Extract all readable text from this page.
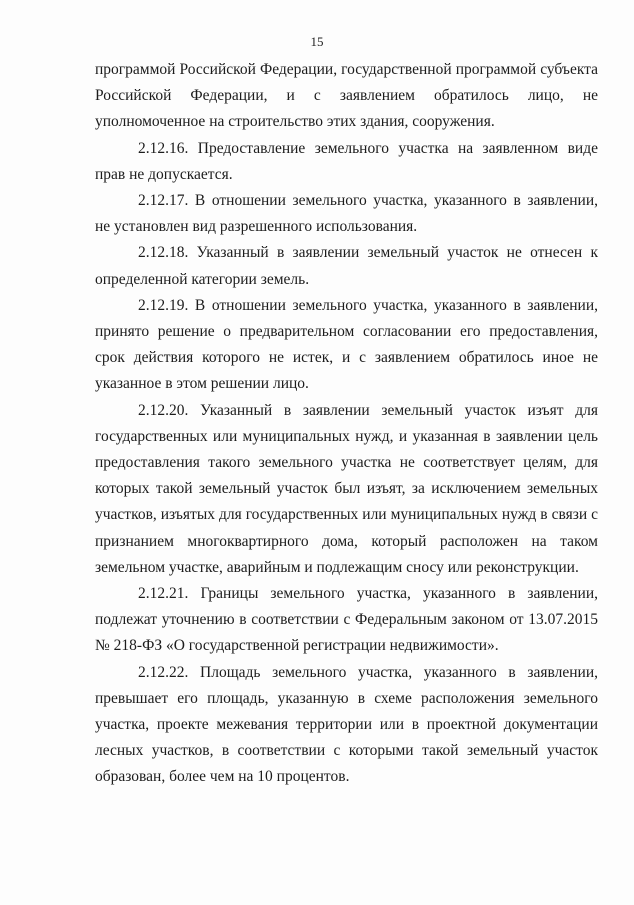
15

программой Российской Федерации, государственной программой субъекта Российской Федерации, и с заявлением обратилось лицо, не уполномоченное на строительство этих здания, сооружения.

2.12.16. Предоставление земельного участка на заявленном виде прав не допускается.

2.12.17. В отношении земельного участка, указанного в заявлении, не установлен вид разрешенного использования.

2.12.18. Указанный в заявлении земельный участок не отнесен к определенной категории земель.

2.12.19. В отношении земельного участка, указанного в заявлении, принято решение о предварительном согласовании его предоставления, срок действия которого не истек, и с заявлением обратилось иное не указанное в этом решении лицо.

2.12.20. Указанный в заявлении земельный участок изъят для государственных или муниципальных нужд, и указанная в заявлении цель предоставления такого земельного участка не соответствует целям, для которых такой земельный участок был изъят, за исключением земельных участков, изъятых для государственных или муниципальных нужд в связи с признанием многоквартирного дома, который расположен на таком земельном участке, аварийным и подлежащим сносу или реконструкции.

2.12.21. Границы земельного участка, указанного в заявлении, подлежат уточнению в соответствии с Федеральным законом от 13.07.2015 № 218-ФЗ «О государственной регистрации недвижимости».

2.12.22. Площадь земельного участка, указанного в заявлении, превышает его площадь, указанную в схеме расположения земельного участка, проекте межевания территории или в проектной документации лесных участков, в соответствии с которыми такой земельный участок образован, более чем на 10 процентов.
